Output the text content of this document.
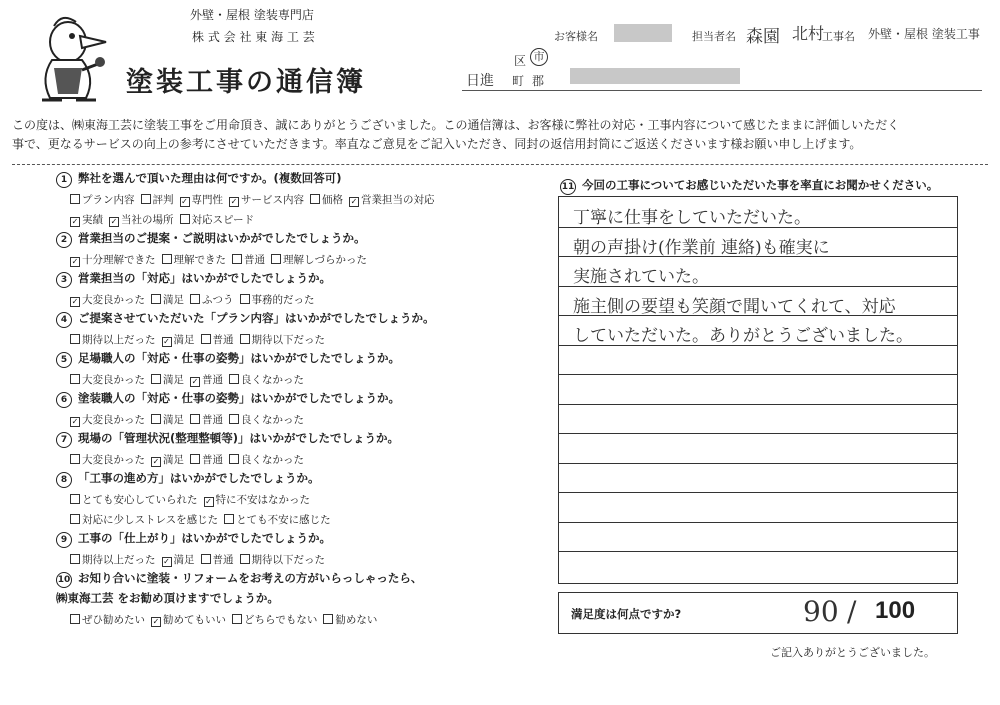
外壁・屋根 塗装専門店
株 式 会 社 東 海 工 芸
塗装工事の通信簿
お客様名	担当者名 森園 北村
工事名 外壁・屋根 塗装工事
区 市
日進 町 郡
この度は、㈱東海工芸に塗装工事をご用命頂き、誠にありがとうございました。この通信簿は、お客様に弊社の対応・工事内容について感じたままに評価しいただく
事で、更なるサービスの向上の参考にさせていただきます。率直なご意見をご記入いただき、同封の返信用封筒にご返送くださいます様お願い申し上げます。
1 弊社を選んで頂いた理由は何ですか。(複数回答可)
プラン内容 評判 ✓ 専門性 ✓ サービス内容 価格 ✓ 営業担当の対応
✓実績 ✓ 当社の場所 対応スピード
2 営業担当のご提案・ご説明はいかがでしたでしょうか。
✓十分理解できた 理解できた 普通 理解しづらかった
3 営業担当の「対応」はいかがでしたでしょうか。
✓大変良かった 満足 ふつう 事務的だった
4 ご提案させていただいた「プラン内容」はいかがでしたでしょうか。
期待以上だった ✓ 満足 普通 期待以下だった
5 足場職人の「対応・仕事の姿勢」はいかがでしたでしょうか。
大変良かった 満足 ✓ 普通 良くなかった
6 塗装職人の「対応・仕事の姿勢」はいかがでしたでしょうか。
✓大変良かった 満足 普通 良くなかった
7 現場の「管理状況(整理整頓等)」はいかがでしたでしょうか。
大変良かった ✓ 満足 普通 良くなかった
8 「工事の進め方」はいかがでしたでしょうか。
とても安心していられた ✓ 特に不安はなかった
対応に少しストレスを感じた とても不安に感じた
9 工事の「仕上がり」はいかがでしたでしょうか。
期待以上だった ✓ 満足 普通 期待以下だった
10 お知り合いに塗装・リフォームをお考えの方がいらっしゃったら、
㈱東海工芸 をお勧め頂けますでしょうか。
ぜひ勧めたい ✓ 勧めてもいい どちらでもない 勧めない
11 今回の工事についてお感じいただいた事を率直にお聞かせください。
丁寧に仕事をしていただいた。
朝の声掛け(作業前 連絡)も確実に
実施されていた。
施主側の要望も笑顔で聞いてくれて、対応
していただいた。ありがとうございました。
満足度は何点ですか?	90 / 100
ご記入ありがとうございました。
